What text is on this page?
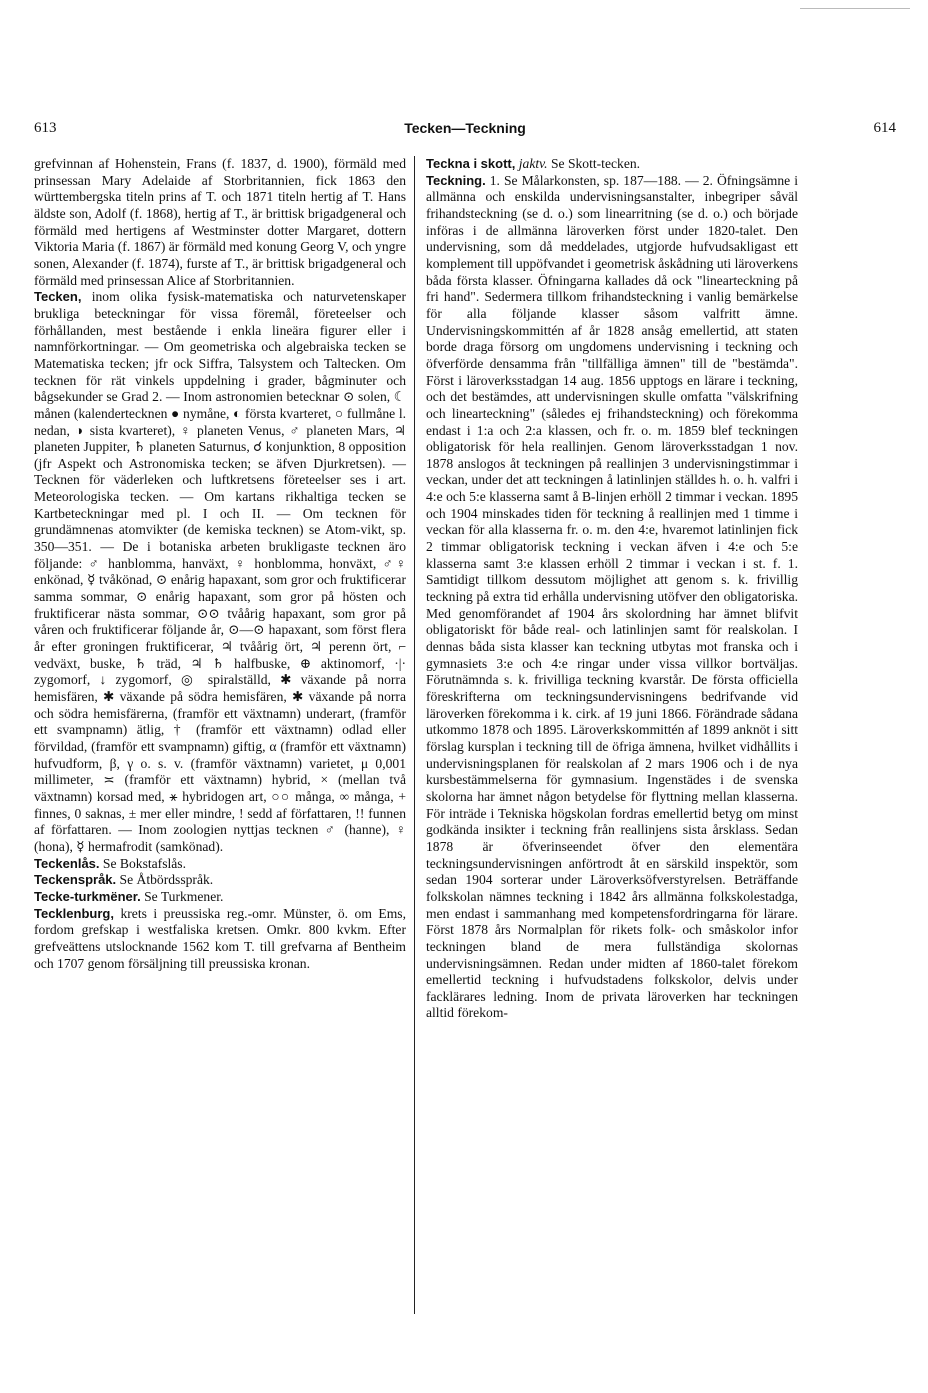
613	Tecken—Teckning	614

grefvinnan af Hohenstein, Frans (f. 1837, d. 1900), förmäld med prinsessan Mary Adelaide af Storbritannien, fick 1863 den württembergska titeln prins af T. och 1871 titeln hertig af T. Hans äldste son, Adolf (f. 1868), hertig af T., är brittisk brigadgeneral och förmäld med hertigens af Westminster dotter Margaret, dottern Viktoria Maria (f. 1867) är förmäld med konung Georg V, och yngre sonen, Alexander (f. 1874), furste af T., är brittisk brigadgeneral och förmäld med prinsessan Alice af Storbritannien.

Tecken, inom olika fysisk-matematiska och naturvetenskaper brukliga beteckningar för vissa föremål, företeelser och förhållanden, mest bestående i enkla lineära figurer eller i namnförkortningar. — Om geometriska och algebraiska tecken se Matematiska tecken; jfr ock Siffra, Talsystem och Taltecken. Om tecknen för rät vinkels uppdelning i grader, bågminuter och bågsekunder se Grad 2. — Inom astronomien betecknar ⊙ solen, ☾ månen (kalendertecknen ● nymåne, ◐ första kvarteret, ○ fullmåne l. nedan, ◑ sista kvarteret), ♀ planeten Venus, ♂ planeten Mars, ♃ planeten Juppiter, ♄ planeten Saturnus, ☌ konjunktion, 8 opposition (jfr Aspekt och Astronomiska tecken; se äfven Djurkretsen). — Tecknen för väderleken och luftkretsens företeelser ses i art. Meteorologiska tecken. — Om kartans rikhaltiga tecken se Kartbeteckningar med pl. I och II. — Om tecknen för grundämnenas atomvikter (de kemiska tecknen) se Atom-vikt, sp. 350—351. — De i botaniska arbeten brukligaste tecknen äro följande: ♂ hanblomma, hanväxt, ♀ honblomma, honväxt, ♂♀ enkönad, ☿ tvåkönad, ⊙ enårig hapaxant, som gror och fruktificerar samma sommar, ⊙ enårig hapaxant, som gror på hösten och fruktificerar nästa sommar, ⊙⊙ tvåårig hapaxant, som gror på våren och fruktificerar följande år, ⊙—⊙ hapaxant, som först flera år efter groningen fruktificerar, ♃ tvåårig ört, ♃ perenn ört, ⌐ vedväxt, buske, ♄ träd, ♃ ♄ halfbuske, ⊕ aktinomorf, ·|· zygomorf, ↓ zygomorf, ◎ spiralställd, ✱ växande på norra hemisfären, ✱ växande på södra hemisfären, ✱ växande på norra och södra hemisfärerna, (framför ett växtnamn) underart, (framför ett svampnamn) ätlig, † (framför ett växtnamn) odlad eller förvildad, (framför ett svampnamn) giftig, α (framför ett växtnamn) hufvudform, β, γ o. s. v. (framför växtnamn) varietet, μ 0,001 millimeter, ≍ (framför ett växtnamn) hybrid, × (mellan två växtnamn) korsad med, ⚹ hybridogen art, ○○ många, ∞ många, + finnes, 0 saknas, ± mer eller mindre, ! sedd af författaren, !! funnen af författaren. — Inom zoologien nyttjas tecknen ♂ (hanne), ♀ (hona), ☿ hermafrodit (samkönad).

Teckenlås. Se Bokstafslås.

Teckenspråk. Se Åtbördsspråk.

Tecke-turkmëner. Se Turkmener.

Tecklenburg, krets i preussiska reg.-omr. Münster, ö. om Ems, fordom grefskap i westfaliska kretsen. Omkr. 800 kvkm. Efter grefveättens utslocknande 1562 kom T. till grefvarna af Bentheim och 1707 genom försäljning till preussiska kronan.

Teckna i skott, jaktv. Se Skott-tecken.

Teckning. 1. Se Målarkonsten, sp. 187—188. — 2. Öfningsämne i allmänna och enskilda undervisningsanstalter, inbegriper såväl frihandsteckning (se d. o.) som linearritning (se d. o.) och började införas i de allmänna läroverken först under 1820-talet. Den undervisning, som då meddelades, utgjorde hufvudsakligast ett komplement till uppöfvandet i geometrisk åskådning uti läroverkens båda första klasser. Öfningarna kallades då ock "linearteckning på fri hand". Sedermera tillkom frihandsteckning i vanlig bemärkelse för alla följande klasser såsom valfritt ämne. Undervisningskommittén af år 1828 ansåg emellertid, att staten borde draga försorg om ungdomens undervisning i teckning och öfverförde densamma från "tillfälliga ämnen" till de "bestämda". Först i läroverksstadgan 14 aug. 1856 upptogs en lärare i teckning, och det bestämdes, att undervisningen skulle omfatta "välskrifning och linearteckning" (således ej frihandsteckning) och förekomma endast i 1:a och 2:a klassen, och fr. o. m. 1859 blef teckningen obligatorisk för hela reallinjen. Genom läroverksstadgan 1 nov. 1878 anslogos åt teckningen på reallinjen 3 undervisningstimmar i veckan, under det att teckningen å latinlinjen ställdes h. o. h. valfri i 4:e och 5:e klasserna samt å B-linjen erhöll 2 timmar i veckan. 1895 och 1904 minskades tiden för teckning å reallinjen med 1 timme i veckan för alla klasserna fr. o. m. den 4:e, hvaremot latinlinjen fick 2 timmar obligatorisk teckning i veckan äfven i 4:e och 5:e klasserna samt 3:e klassen erhöll 2 timmar i veckan i st. f. 1. Samtidigt tillkom dessutom möjlighet att genom s. k. frivillig teckning på extra tid erhålla undervisning utöfver den obligatoriska. Med genomförandet af 1904 års skolordning har ämnet blifvit obligatoriskt för både real- och latinlinjen samt för realskolan. I dennas båda sista klasser kan teckning utbytas mot franska och i gymnasiets 3:e och 4:e ringar under vissa villkor bortväljas. Förutnämnda s. k. frivilliga teckning kvarstår. De första officiella föreskrifterna om teckningsundervisningens bedrifvande vid läroverken förekomma i k. cirk. af 19 juni 1866. Förändrade sådana utkommo 1878 och 1895. Läroverkskommittén af 1899 anknöt i sitt förslag kursplan i teckning till de öfriga ämnena, hvilket vidhållits i undervisningsplanen för realskolan af 2 mars 1906 och i de nya kursbestämmelserna för gymnasium. Ingenstädes i de svenska skolorna har ämnet någon betydelse för flyttning mellan klasserna. För inträde i Tekniska högskolan fordras emellertid betyg om minst godkända insikter i teckning från reallinjens sista årsklass. Sedan 1878 är öfverinseendet öfver den elementära teckningsundervisningen anförtrodt åt en särskild inspektör, som sedan 1904 sorterar under Läroverksöfverstyrelsen. Beträffande folkskolan nämnes teckning i 1842 års allmänna folkskolestadga, men endast i sammanhang med kompetensfordringarna för lärare. Först 1878 års Normalplan för rikets folk- och småskolor infor teckningen bland de mera fullständiga skolornas undervisningsämnen. Redan under midten af 1860-talet förekom emellertid teckning i hufvudstadens folkskolor, delvis under facklärares ledning. Inom de privata läroverken har teckningen alltid förekom-
